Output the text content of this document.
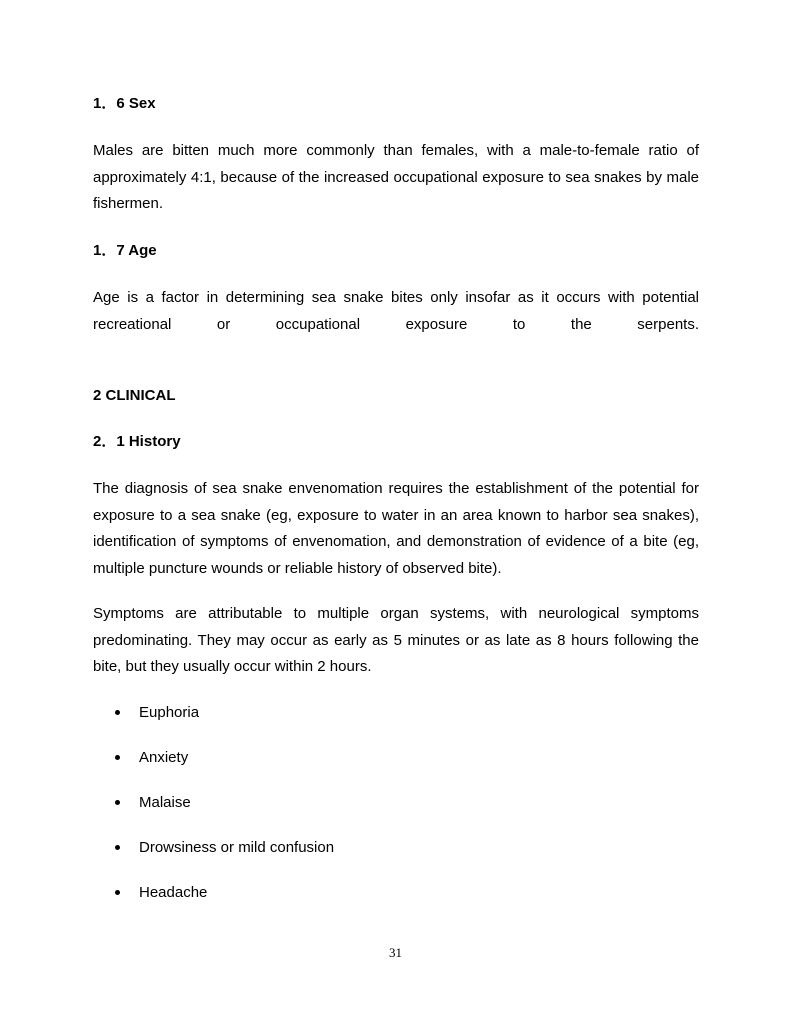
1．6 Sex

Males are bitten much more commonly than females, with a male-to-female ratio of approximately 4:1, because of the increased occupational exposure to sea snakes by male fishermen.

1．7 Age

Age is a factor in determining sea snake bites only insofar as it occurs with potential recreational or occupational exposure to the serpents.

2 CLINICAL
2．1 History

The diagnosis of sea snake envenomation requires the establishment of the potential for exposure to a sea snake (eg, exposure to water in an area known to harbor sea snakes), identification of symptoms of envenomation, and demonstration of evidence of a bite (eg, multiple puncture wounds or reliable history of observed bite).

Symptoms are attributable to multiple organ systems, with neurological symptoms predominating. They may occur as early as 5 minutes or as late as 8 hours following the bite, but they usually occur within 2 hours.

Euphoria
Anxiety
Malaise
Drowsiness or mild confusion
Headache
31
